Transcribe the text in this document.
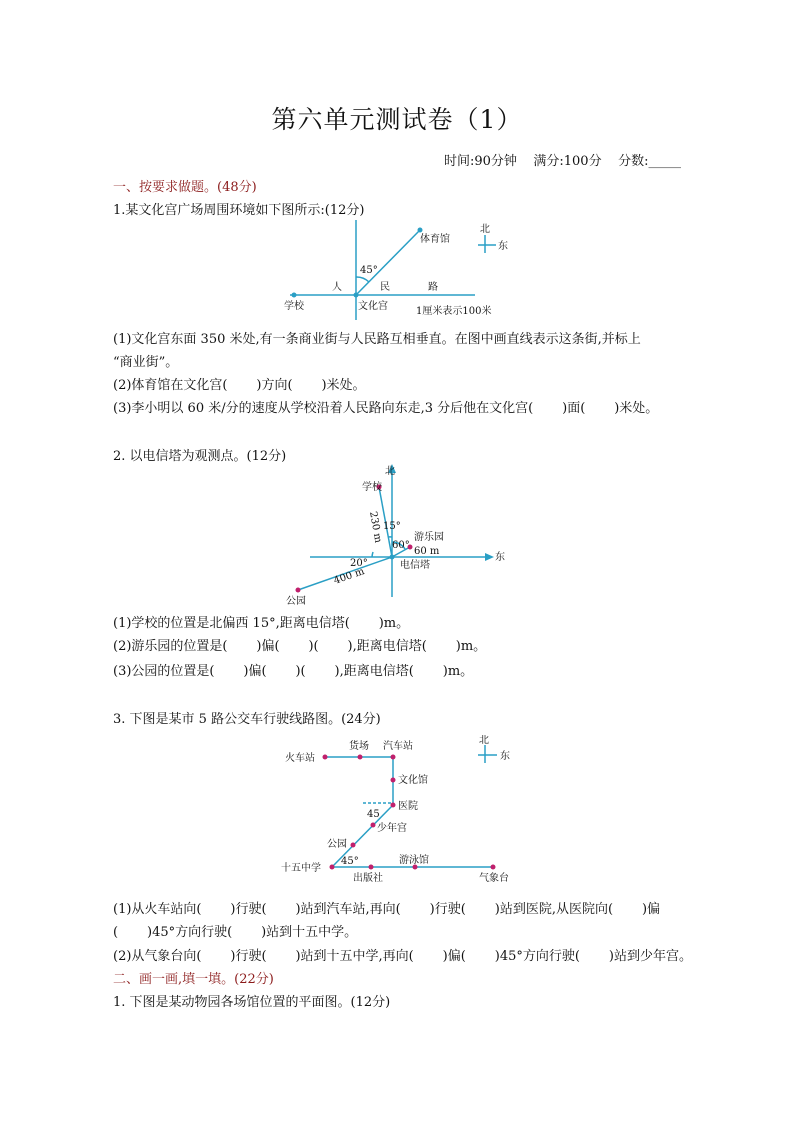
第六单元测试卷（1）
时间:90分钟    满分:100分    分数:_____
一、按要求做题。(48分)
1.某文化宫广场周围环境如下图所示:(12分)
北
东
体育馆
45°
人	民	路
学校	文化宫	1厘米表示100米
(1)文化宫东面 350 米处,有一条商业街与人民路互相垂直。在图中画直线表示这条街,并标上
“商业街”。
(2)体育馆在文化宫(       )方向(       )米处。
(3)李小明以 60 米/分的速度从学校沿着人民路向东走,3 分后他在文化宫(       )面(       )米处。
2. 以电信塔为观测点。(12分)
北
东
学校
230 m 15°
60°
游乐园
60 m
20°
400 m
电信塔
公园
(1)学校的位置是北偏西 15°,距离电信塔(       )m。
(2)游乐园的位置是(       )偏(       )(       ),距离电信塔(       )m。
(3)公园的位置是(       )偏(       )(       ),距离电信塔(       )m。
3. 下图是某市 5 路公交车行驶线路图。(24分)
北
东
火车站
货场 汽车站
文化馆
45
医院
少年宫
公园
45°
十五中学
出版社
游泳馆
气象台
(1)从火车站向(       )行驶(       )站到汽车站,再向(       )行驶(       )站到医院,从医院向(       )偏
(       )45°方向行驶(       )站到十五中学。
(2)从气象台向(       )行驶(       )站到十五中学,再向(       )偏(       )45°方向行驶(       )站到少年宫。
二、画一画,填一填。(22分)
1. 下图是某动物园各场馆位置的平面图。(12分)
